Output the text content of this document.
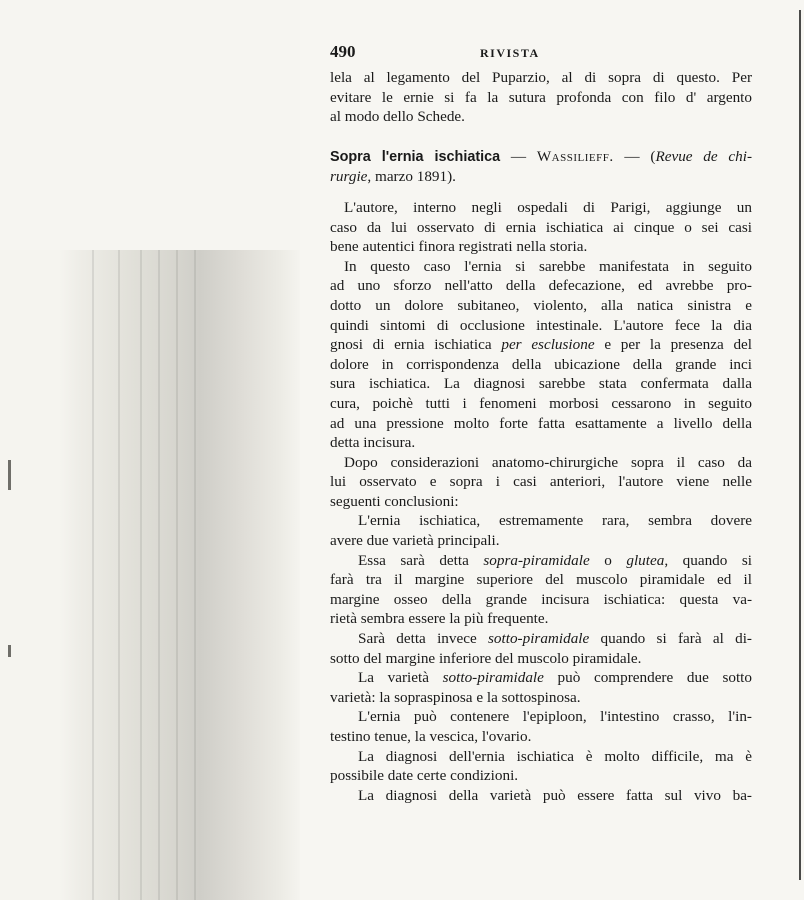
490	RIVISTA
lela al legamento del Puparzio, al di sopra di questo. Per
evitare le ernie si fa la sutura profonda con filo d' argento
al modo dello Schede.
Sopra l'ernia ischiatica — Wassilieff. — (Revue de chi-
rurgie, marzo 1891).
L'autore, interno negli ospedali di Parigi, aggiunge un
caso da lui osservato di ernia ischiatica ai cinque o sei casi
bene autentici finora registrati nella storia.
In questo caso l'ernia si sarebbe manifestata in seguito
ad uno sforzo nell'atto della defecazione, ed avrebbe pro-
dotto un dolore subitaneo, violento, alla natica sinistra e
quindi sintomi di occlusione intestinale. L'autore fece la dia
gnosi di ernia ischiatica per esclusione e per la presenza del
dolore in corrispondenza della ubicazione della grande inci
sura ischiatica. La diagnosi sarebbe stata confermata dalla
cura, poichè tutti i fenomeni morbosi cessarono in seguito
ad una pressione molto forte fatta esattamente a livello della
detta incisura.
Dopo considerazioni anatomo-chirurgiche sopra il caso da
lui osservato e sopra i casi anteriori, l'autore viene nelle
seguenti conclusioni:
L'ernia ischiatica, estremamente rara, sembra dovere
avere due varietà principali.
Essa sarà detta sopra-piramidale o glutea, quando si
farà tra il margine superiore del muscolo piramidale ed il
margine osseo della grande incisura ischiatica: questa va-
rietà sembra essere la più frequente.
Sarà detta invece sotto-piramidale quando si farà al di-
sotto del margine inferiore del muscolo piramidale.
La varietà sotto-piramidale può comprendere due sotto
varietà: la sopraspinosa e la sottospinosa.
L'ernia può contenere l'epiploon, l'intestino crasso, l'in-
testino tenue, la vescica, l'ovario.
La diagnosi dell'ernia ischiatica è molto difficile, ma è
possibile date certe condizioni.
La diagnosi della varietà può essere fatta sul vivo ba-
